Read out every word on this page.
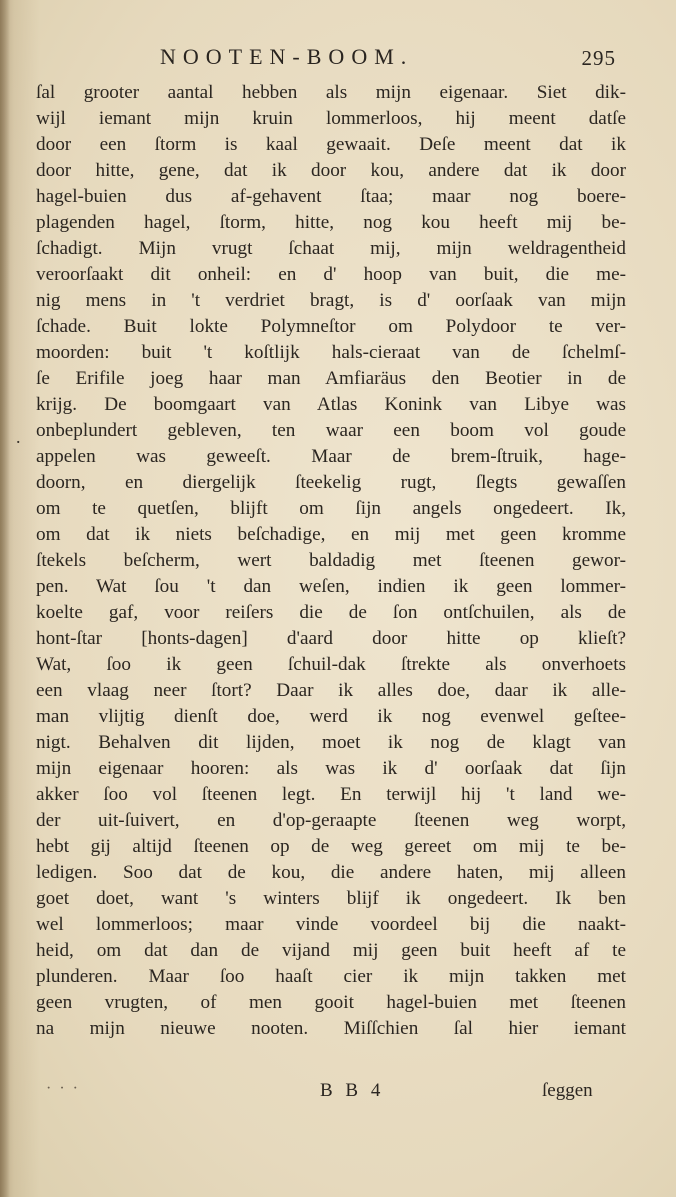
NOOTEN-BOOM.	295
.
ſal grooter aantal hebben als mijn eigenaar. Siet dik-
wijl iemant mijn kruin lommerloos, hij meent datſe
door een ſtorm is kaal gewaait. Deſe meent dat ik
door hitte, gene, dat ik door kou, andere dat ik door
hagel-buien dus af-gehavent ſtaa; maar nog boere-
plagenden hagel, ſtorm, hitte, nog kou heeft mij be-
ſchadigt. Mijn vrugt ſchaat mij, mijn weldragentheid
veroorſaakt dit onheil: en d' hoop van buit, die me-
nig mens in 't verdriet bragt, is d' oorſaak van mijn
ſchade. Buit lokte Polymneſtor om Polydoor te ver-
moorden: buit 't koſtlijk hals-cieraat van de ſchelmſ-
ſe Erifile joeg haar man Amfiaräus den Beotier in de
krijg. De boomgaart van Atlas Konink van Libye was
onbeplundert gebleven, ten waar een boom vol goude
appelen was geweeſt. Maar de brem-ſtruik, hage-
doorn, en diergelijk ſteekelig rugt, ſlegts gewaſſen
om te quetſen, blijft om ſijn angels ongedeert. Ik,
om dat ik niets beſchadige, en mij met geen kromme
ſtekels beſcherm, wert baldadig met ſteenen gewor-
pen. Wat ſou 't dan weſen, indien ik geen lommer-
koelte gaf, voor reiſers die de ſon ontſchuilen, als de
hont-ſtar [honts-dagen] d'aard door hitte op klieſt?
Wat, ſoo ik geen ſchuil-dak ſtrekte als onverhoets
een vlaag neer ſtort? Daar ik alles doe, daar ik alle-
man vlijtig dienſt doe, werd ik nog evenwel geſtee-
nigt. Behalven dit lijden, moet ik nog de klagt van
mijn eigenaar hooren: als was ik d' oorſaak dat ſijn
akker ſoo vol ſteenen legt. En terwijl hij 't land we-
der uit-ſuivert, en d'op-geraapte ſteenen weg worpt,
hebt gij altijd ſteenen op de weg gereet om mij te be-
ledigen. Soo dat de kou, die andere haten, mij alleen
goet doet, want 's winters blijf ik ongedeert. Ik ben
wel lommerloos; maar vinde voordeel bij die naakt-
heid, om dat dan de vijand mij geen buit heeft af te
plunderen. Maar ſoo haaſt cier ik mijn takken met
geen vrugten, of men gooit hagel-buien met ſteenen
na mijn nieuwe nooten. Miſſchien ſal hier iemant
· · ·	B B 4	ſeggen
